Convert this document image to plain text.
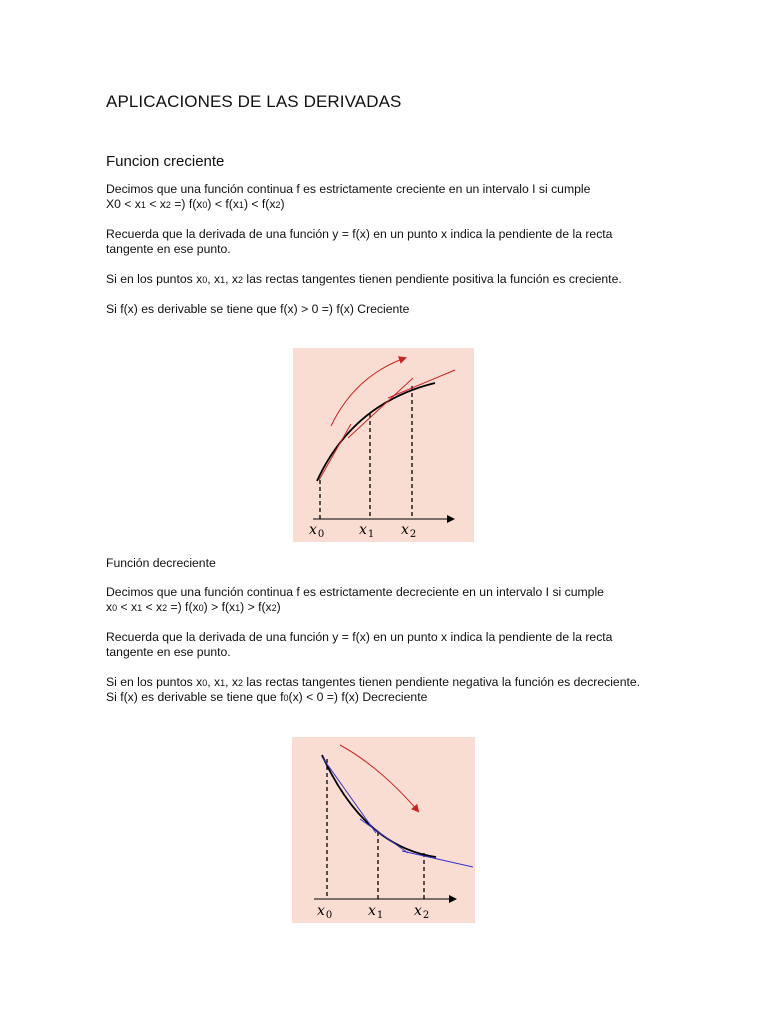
APLICACIONES DE LAS DERIVADAS
Funcion creciente
Decimos que una función continua f es estrictamente creciente en un intervalo I si cumple
X0 < x1 < x2 =) f(x0) < f(x1) < f(x2)
Recuerda que la derivada de una función y = f(x) en un punto x indica la pendiente de la recta
tangente en ese punto.
Si en los puntos x0, x1, x2 las rectas tangentes tienen pendiente positiva la función es creciente.
Si f(x) es derivable se tiene que f(x) > 0 =) f(x) Creciente
$x_0$ $x_1$ $x_2$
Función decreciente
Decimos que una función continua f es estrictamente decreciente en un intervalo I si cumple
x0 < x1 < x2 =) f(x0) > f(x1) > f(x2)
Recuerda que la derivada de una función y = f(x) en un punto x indica la pendiente de la recta
tangente en ese punto.
Si en los puntos x0, x1, x2 las rectas tangentes tienen pendiente negativa la función es decreciente.
Si f(x) es derivable se tiene que f0(x) < 0 =) f(x) Decreciente
$x_0$	$x_1$ $x_2$
